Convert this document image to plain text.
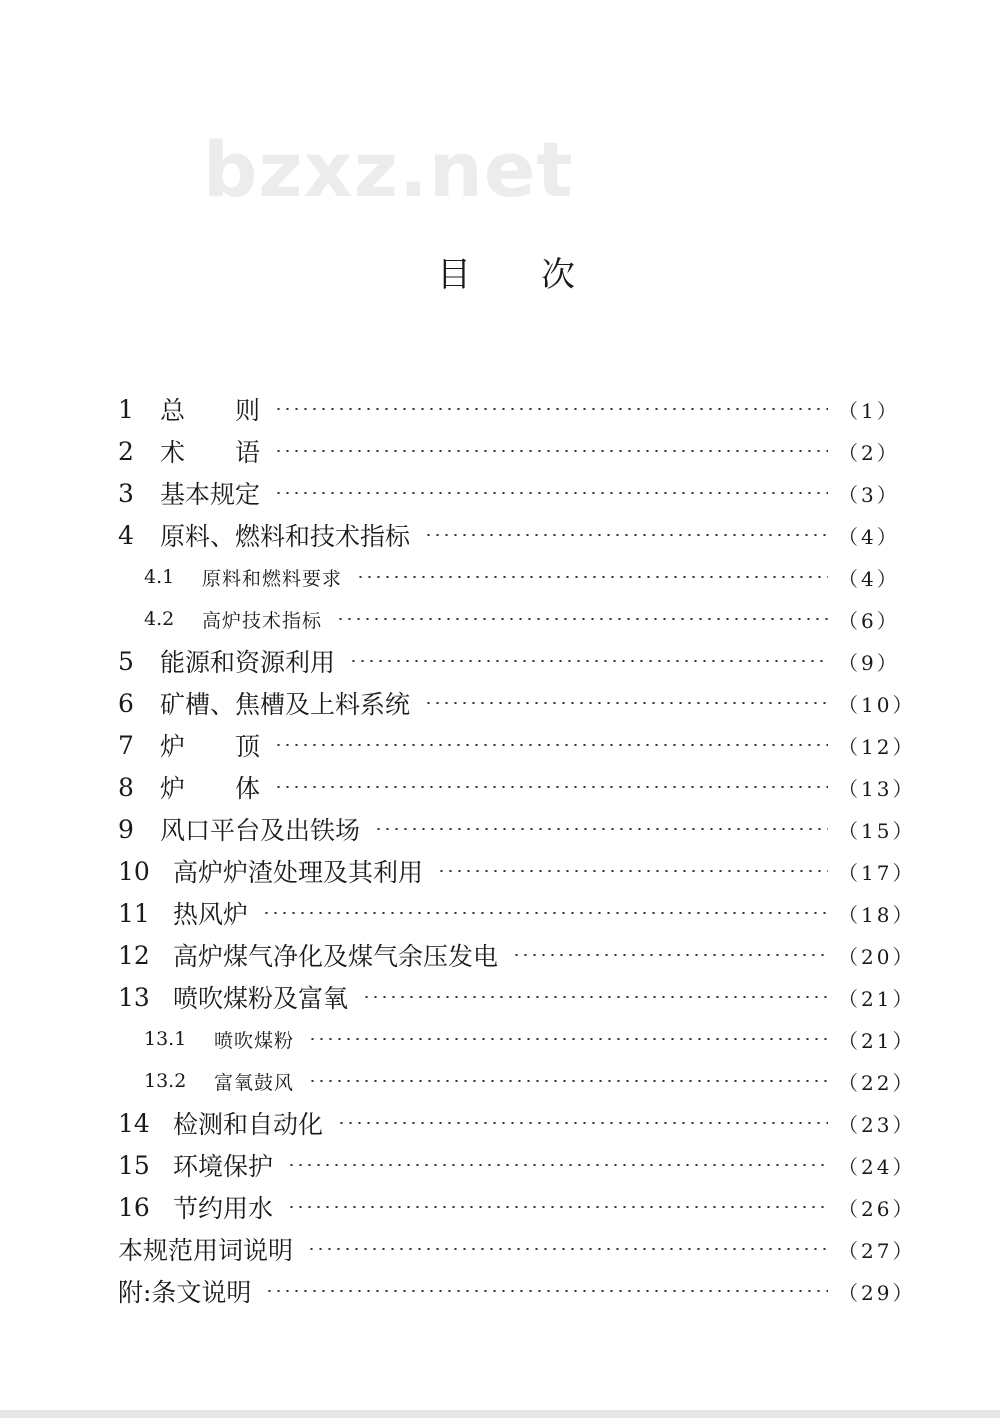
bzxz.net
目 次
1	总　　则	（1）
2	术　　语	（2）
3	基本规定	（3）
4	原料、燃料和技术指标	（4）
4.1	原料和燃料要求	（4）
4.2	高炉技术指标	（6）
5	能源和资源利用	（9）
6	矿槽、焦槽及上料系统	（10）
7	炉　　顶	（12）
8	炉　　体	（13）
9	风口平台及出铁场	（15）
10 高炉炉渣处理及其利用	（17）
11 热风炉	（18）
12 高炉煤气净化及煤气余压发电	（20）
13 喷吹煤粉及富氧	（21）
13.1	喷吹煤粉	（21）
13.2	富氧鼓风	（22）
14 检测和自动化	（23）
15 环境保护	（24）
16 节约用水	（26）
本规范用词说明	（27）
附:条文说明	（29）
